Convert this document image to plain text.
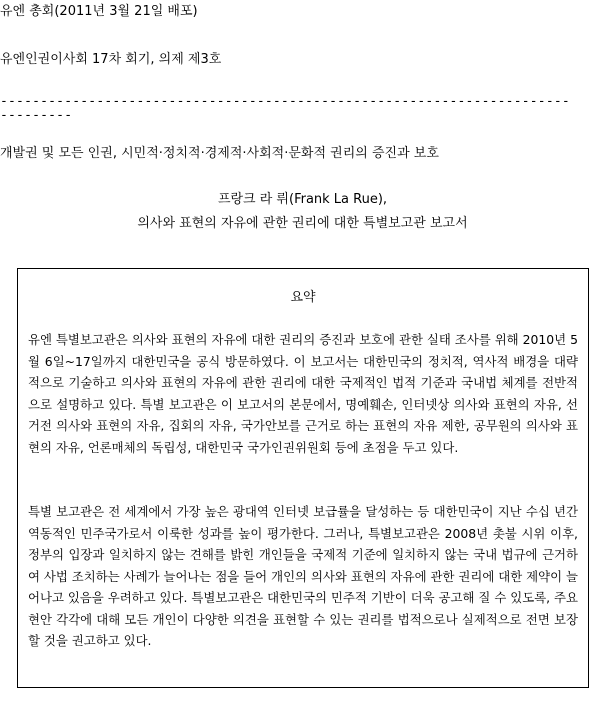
유엔 총회(2011년 3월 21일 배포)
유엔인권이사회 17차 회기, 의제 제3호
--------------------------------------------------------------------------------
개발권 및 모든 인권, 시민적·정치적·경제적·사회적·문화적 권리의 증진과 보호
프랑크 라 뤼(Frank La Rue),
의사와 표현의 자유에 관한 권리에 대한 특별보고관 보고서
요약
유엔 특별보고관은 의사와 표현의 자유에 대한 권리의 증진과 보호에 관한 실태 조사를 위해 2010년 5월 6일~17일까지 대한민국을 공식 방문하였다. 이 보고서는 대한민국의 정치적, 역사적 배경을 대략적으로 기술하고 의사와 표현의 자유에 관한 권리에 대한 국제적인 법적 기준과 국내법 체계를 전반적으로 설명하고 있다. 특별 보고관은 이 보고서의 본문에서, 명예훼손, 인터넷상 의사와 표현의 자유, 선거전 의사와 표현의 자유, 집회의 자유, 국가안보를 근거로 하는 표현의 자유 제한, 공무원의 의사와 표현의 자유, 언론매체의 독립성, 대한민국 국가인권위원회 등에 초점을 두고 있다.
특별 보고관은 전 세계에서 가장 높은 광대역 인터넷 보급률을 달성하는 등 대한민국이 지난 수십 년간 역동적인 민주국가로서 이룩한 성과를 높이 평가한다. 그러나, 특별보고관은 2008년 촛불 시위 이후, 정부의 입장과 일치하지 않는 견해를 밝힌 개인들을 국제적 기준에 일치하지 않는 국내 법규에 근거하여 사법 조치하는 사례가 늘어나는 점을 들어 개인의 의사와 표현의 자유에 관한 권리에 대한 제약이 늘어나고 있음을 우려하고 있다. 특별보고관은 대한민국의 민주적 기반이 더욱 공고해 질 수 있도록, 주요 현안 각각에 대해 모든 개인이 다양한 의견을 표현할 수 있는 권리를 법적으로나 실제적으로 전면 보장할 것을 권고하고 있다.
